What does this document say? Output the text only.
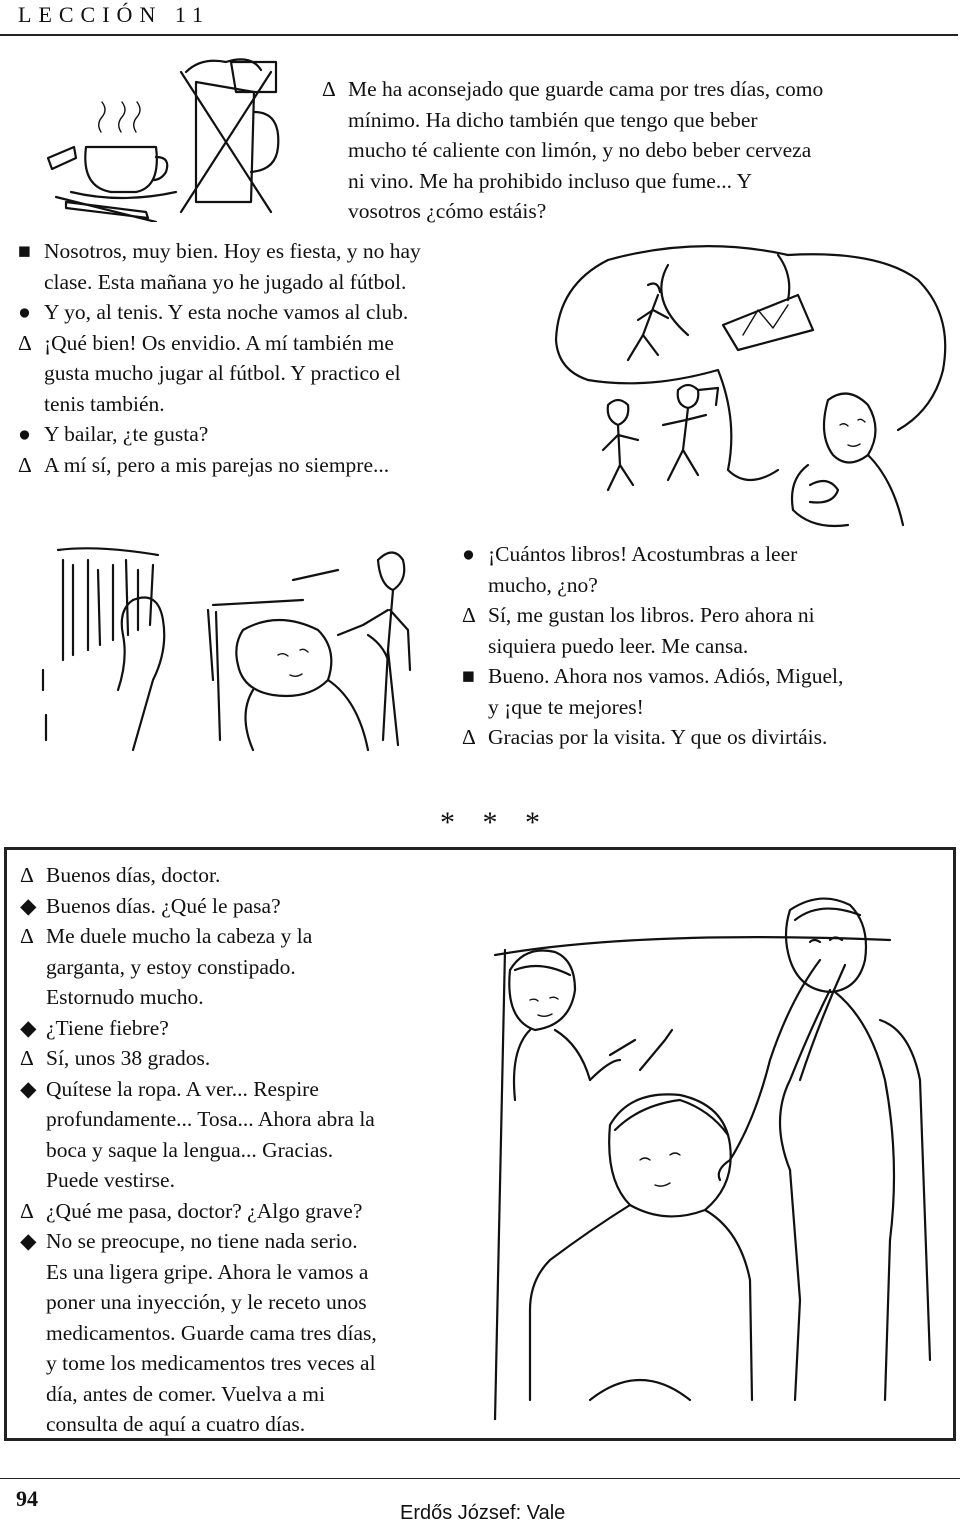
LECCIÓN 11
Δ Me ha aconsejado que guarde cama por tres días, como
mínimo. Ha dicho también que tengo que beber
mucho té caliente con limón, y no debo beber cerveza
ni vino. Me ha prohibido incluso que fume... Y
vosotros ¿cómo estáis?
■ Nosotros, muy bien. Hoy es fiesta, y no hay
clase. Esta mañana yo he jugado al fútbol.
● Y yo, al tenis. Y esta noche vamos al club.
Δ ¡Qué bien! Os envidio. A mí también me
gusta mucho jugar al fútbol. Y practico el
tenis también.
● Y bailar, ¿te gusta?
Δ A mí sí, pero a mis parejas no siempre...
● ¡Cuántos libros! Acostumbras a leer
mucho, ¿no?
Δ Sí, me gustan los libros. Pero ahora ni
siquiera puedo leer. Me cansa.
■ Bueno. Ahora nos vamos. Adiós, Miguel,
y ¡que te mejores!
Δ Gracias por la visita. Y que os divirtáis.
* * *
Δ Buenos días, doctor.
◆ Buenos días. ¿Qué le pasa?
Δ Me duele mucho la cabeza y la
garganta, y estoy constipado.
Estornudo mucho.
◆ ¿Tiene fiebre?
Δ Sí, unos 38 grados.
◆ Quítese la ropa. A ver... Respire
profundamente... Tosa... Ahora abra la
boca y saque la lengua... Gracias.
Puede vestirse.
Δ ¿Qué me pasa, doctor? ¿Algo grave?
◆ No se preocupe, no tiene nada serio.
Es una ligera gripe. Ahora le vamos a
poner una inyección, y le receto unos
medicamentos. Guarde cama tres días,
y tome los medicamentos tres veces al
día, antes de comer. Vuelva a mi
consulta de aquí a cuatro días.
94
Erdős József: Vale
